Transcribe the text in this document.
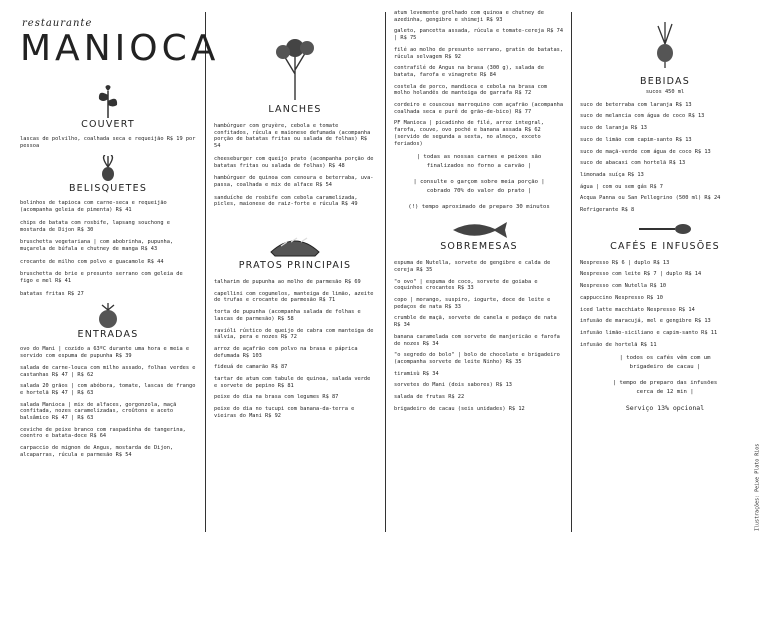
restaurante
MANIOCA

COUVERT

lascas de polvilho, coalhada seca e requeijão R$ 19 por pessoa

BELISQUETES

bolinhos de tapioca com carne-seca e requeijão (acompanha geleia de pimenta) R$ 41

chips de batata com rosbife, lapsang souchong e mostarda de Dijon R$ 30

bruschetta vegetariana | com abobrinha, pupunha, muçarela de búfala e chutney de manga R$ 43

crocante de milho com polvo e guacamole R$ 44

bruschetta de brie e presunto serrano com geleia de figo e mel R$ 41

batatas fritas R$ 27

ENTRADAS

ovo do Mani | cozido a 63ºC durante uma hora e meia e servido com espuma de pupunha R$ 39

salada de carne-louca com milho assado, folhas verdes e castanhas R$ 47 | R$ 62

salada 20 grãos | com abóbora, tomate, lascas de frango e hortelã R$ 47 | R$ 63

salada Manioca | mix de alfaces, gorgonzola, maçã confitada, nozes caramelizadas, croûtons e aceto balsâmico R$ 47 | R$ 63

ceviche de peixe branco com raspadinha de tangerina, coentro e batata-doce R$ 64

carpaccio de mignon de Angus, mostarda de Dijon, alcaparras, rúcula e parmesão R$ 54

LANCHES

hambúrguer com gruyère, cebola e tomate confitados, rúcula e maionese defumada (acompanha porção de batatas fritas ou salada de folhas) R$ 54

cheeseburger com queijo prato (acompanha porção de batatas fritas ou salada de folhas) R$ 48

hambúrguer de quinoa com cenoura e beterraba, uva-passa, coalhada e mix de alface R$ 54

sanduíche de rosbife com cebola caramelizada, picles, maionese de raiz-forte e rúcula R$ 49

PRATOS PRINCIPAIS

talharim de pupunha ao molho de parmesão R$ 69

capellini com cogumelos, manteiga de limão, azeite de trufas e crocante de parmesão R$ 71

torta de pupunha (acompanha salada de folhas e lascas de parmesão) R$ 58

ravióli rústico de queijo de cabra com manteiga de sálvia, pera e nozes R$ 72

arroz de açafrão com polvo na brasa e páprica defumada R$ 103

fideuá de camarão R$ 87

tartar de atum com tabule de quinoa, salada verde e sorvete de pepino R$ 81

peixe do dia na brasa com legumes R$ 87

peixe do dia no tucupi com banana-da-terra e vieiras do Mani R$ 92

atum levemente grelhado com quinoa e chutney de azedinha, gengibre e shimeji R$ 93

galeto, pancetta assada, rúcula e tomate-cereja R$ 74 | R$ 75

filé ao molho de presunto serrano, gratin de batatas, rúcula selvagem R$ 92

contrafilé de Angus na brasa (300 g), salada de batata, farofa e vinagrete R$ 84

costela de porco, mandioca e cebola na brasa com molho holandês de manteiga de garrafa R$ 72

cordeiro e couscous marroquino com açafrão (acompanha coalhada seca e purê de grão-de-bico) R$ 77

PF Manioca | picadinho de filé, arroz integral, farofa, couve, ovo poché e banana assada R$ 62 (servido de segunda a sexta, no almoço, exceto feriados)

| todas as nossas carnes e peixes são
finalizados no forno a carvão |

| consulte o garçom sobre meia porção |
cobrado 70% do valor do prato |

(!) tempo aproximado de preparo 30 minutos

SOBREMESAS

espuma de Nutella, sorvete de gengibre e calda de cereja R$ 35

"o ovo" | espuma de coco, sorvete de goiaba e coquinhos crocantes R$ 33

copo | morango, suspiro, iogurte, doce de leite e pedaços de nata R$ 33

crumble de maçã, sorvete de canela e pedaço de nata R$ 34

banana caramelada com sorvete de manjericão e farofa de nozes R$ 34

"o segredo do bolo" | bolo de chocolate e brigadeiro (acompanha sorvete de leite Ninho) R$ 35

tiramisù R$ 34

sorvetes do Mani (dois sabores) R$ 13

salada de frutas R$ 22

brigadeiro de cacau (seis unidades) R$ 12

BEBIDAS

sucos 450 ml

suco de beterraba com laranja R$ 13

suco de melancia com água de coco R$ 13

suco de laranja R$ 13

suco de limão com capim-santo R$ 13

suco de maçã-verde com água de coco R$ 13

suco de abacaxi com hortelã R$ 13

limonada suíça R$ 13

água | com ou sem gás R$ 7

Acqua Panna ou San Pellegrino (500 ml) R$ 24

Refrigerante R$ 8

CAFÉS E INFUSÕES

Nespresso R$ 6 | duplo R$ 13

Nespresso com leite R$ 7 | duplo R$ 14

Nespresso com Nutella R$ 10

cappuccino Nespresso R$ 10

iced latte macchiato Nespresso R$ 14

infusão de maracujá, mel e gengibre R$ 13

infusão limão-siciliano e capim-santo R$ 11

infusão de hortelã R$ 11

| todos os cafés vêm com um
brigadeiro de cacau |

| tempo de preparo das infusões
cerca de 12 min |

Serviço 13% opcional

Ilustrações: Peixe Plato Rios
